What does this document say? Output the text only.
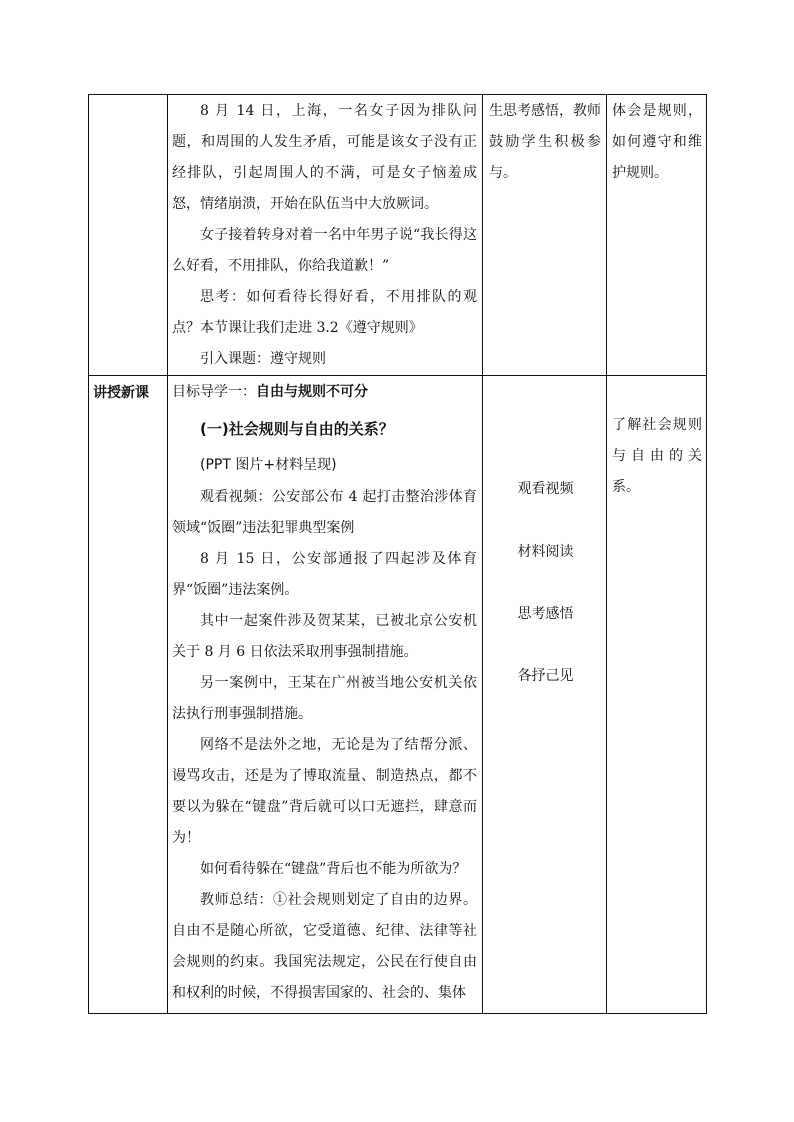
8 月 14 日，上海，一名女子因为排队问题，和周围的人发生矛盾，可能是该女子没有正经排队，引起周围人的不满，可是女子恼羞成怒，情绪崩溃，开始在队伍当中大放厥词。

女子接着转身对着一名中年男子说“我长得这么好看，不用排队，你给我道歉！”

思考：如何看待长得好看，不用排队的观点？本节课让我们走进 3.2《遵守规则》

引入课题：遵守规则

生思考感悟，教师鼓励学生积极参与。

体会是规则，如何遵守和维护规则。

讲授新课	目标导学一：自由与规则不可分

(一)社会规则与自由的关系？

(PPT 图片+材料呈现)

观看视频：公安部公布 4 起打击整治涉体育领域“饭圈”违法犯罪典型案例

8 月 15 日，公安部通报了四起涉及体育界“饭圈”违法案例。

其中一起案件涉及贺某某，已被北京公安机关于 8 月 6 日依法采取刑事强制措施。

另一案例中，王某在广州被当地公安机关依法执行刑事强制措施。

网络不是法外之地，无论是为了结帮分派、谩骂攻击，还是为了博取流量、制造热点，都不要以为躲在“键盘”背后就可以口无遮拦，肆意而为！

如何看待躲在“键盘”背后也不能为所欲为？

教师总结：①社会规则划定了自由的边界。自由不是随心所欲，它受道德、纪律、法律等社会规则的约束。我国宪法规定，公民在行使自由和权利的时候，不得损害国家的、社会的、集体

观看视频
材料阅读
思考感悟
各抒己见

了解社会规则与自由的关系。
